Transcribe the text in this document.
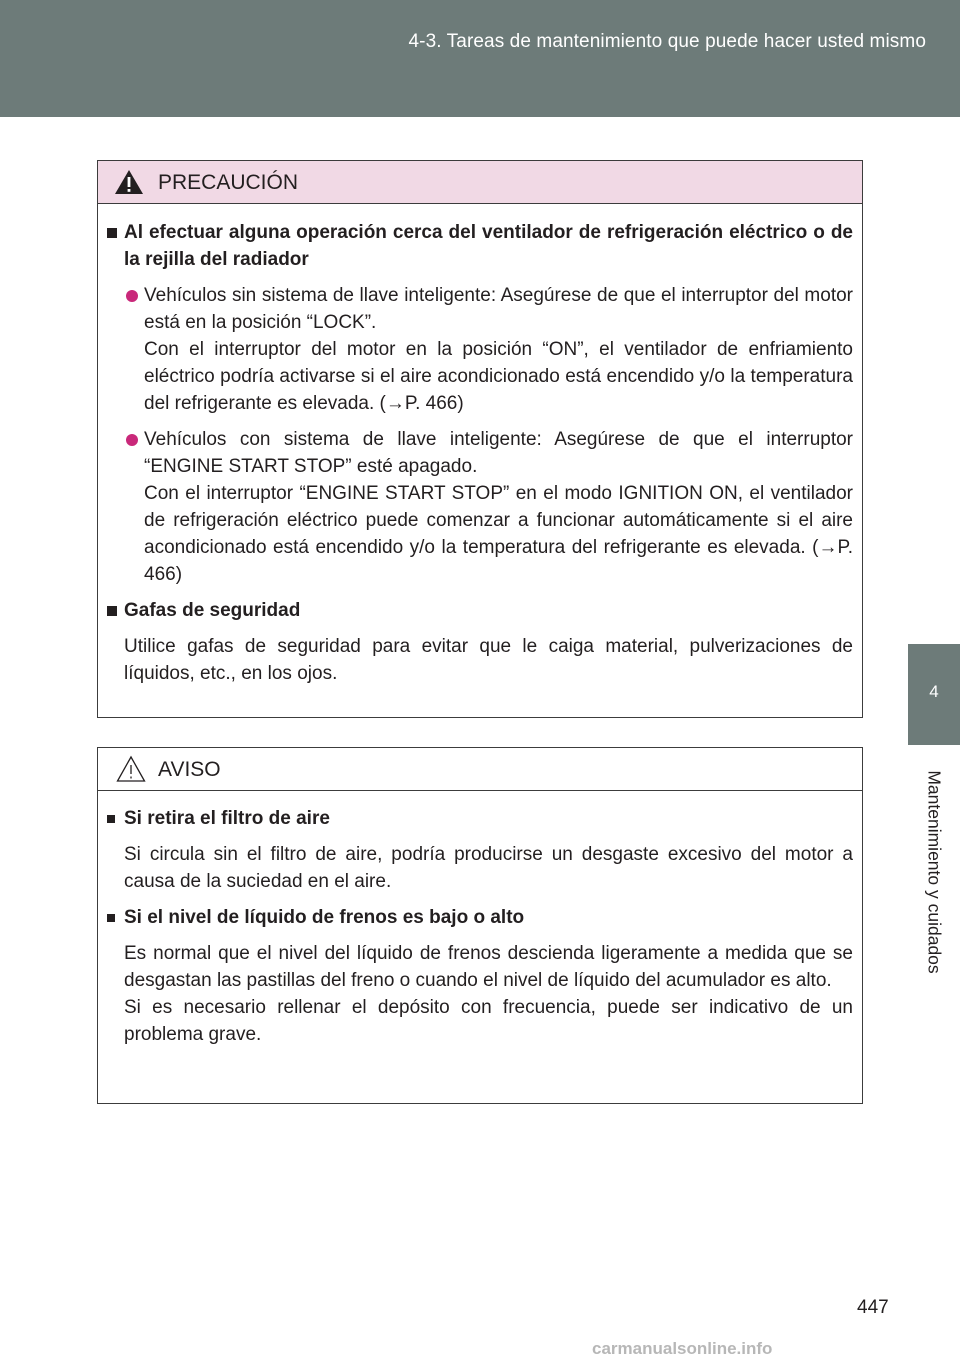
4-3. Tareas de mantenimiento que puede hacer usted mismo
4
Mantenimiento y cuidados
PRECAUCIÓN
Al efectuar alguna operación cerca del ventilador de refrigeración eléctrico o de la rejilla del radiador
Vehículos sin sistema de llave inteligente: Asegúrese de que el interruptor del motor está en la posición “LOCK”.
Con el interruptor del motor en la posición “ON”, el ventilador de enfriamiento eléctrico podría activarse si el aire acondicionado está encendido y/o la temperatura del refrigerante es elevada. (→P. 466)
Vehículos con sistema de llave inteligente: Asegúrese de que el interruptor “ENGINE START STOP” esté apagado.
Con el interruptor “ENGINE START STOP” en el modo IGNITION ON, el ventilador de refrigeración eléctrico puede comenzar a funcionar automáticamente si el aire acondicionado está encendido y/o la temperatura del refrigerante es elevada. (→P. 466)
Gafas de seguridad
Utilice gafas de seguridad para evitar que le caiga material, pulverizaciones de líquidos, etc., en los ojos.
AVISO
Si retira el filtro de aire
Si circula sin el filtro de aire, podría producirse un desgaste excesivo del motor a causa de la suciedad en el aire.
Si el nivel de líquido de frenos es bajo o alto
Es normal que el nivel del líquido de frenos descienda ligeramente a medida que se desgastan las pastillas del freno o cuando el nivel de líquido del acumulador es alto.
Si es necesario rellenar el depósito con frecuencia, puede ser indicativo de un problema grave.
447
carmanualsonline.info
